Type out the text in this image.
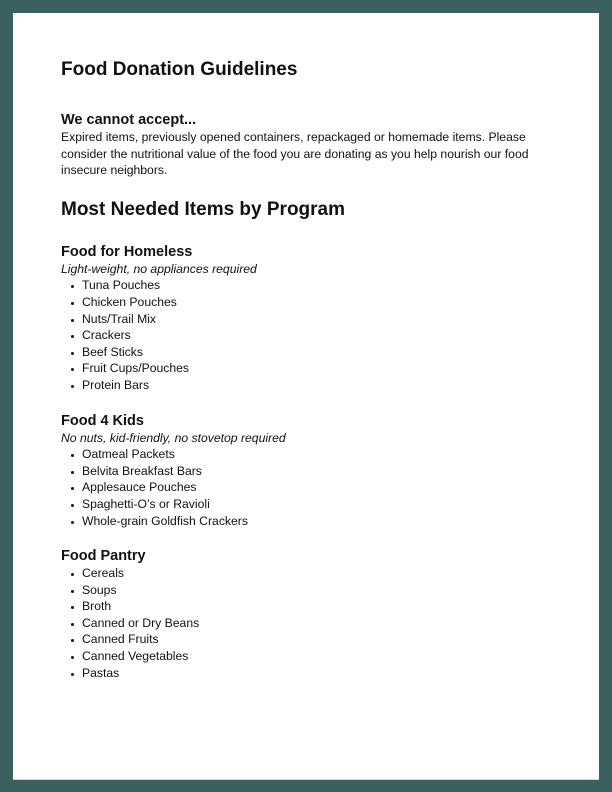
Food Donation Guidelines
We cannot accept...

Expired items, previously opened containers, repackaged or homemade items. Please consider the nutritional value of the food you are donating as you help nourish our food insecure neighbors.

Most Needed Items by Program
Food for Homeless
Light-weight, no appliances required
Tuna Pouches
Chicken Pouches
Nuts/Trail Mix
Crackers
Beef Sticks
Fruit Cups/Pouches
Protein Bars
Food 4 Kids
No nuts, kid-friendly, no stovetop required
Oatmeal Packets
Belvita Breakfast Bars
Applesauce Pouches
Spaghetti-O’s or Ravioli
Whole-grain Goldfish Crackers
Food Pantry
Cereals
Soups
Broth
Canned or Dry Beans
Canned Fruits
Canned Vegetables
Pastas
